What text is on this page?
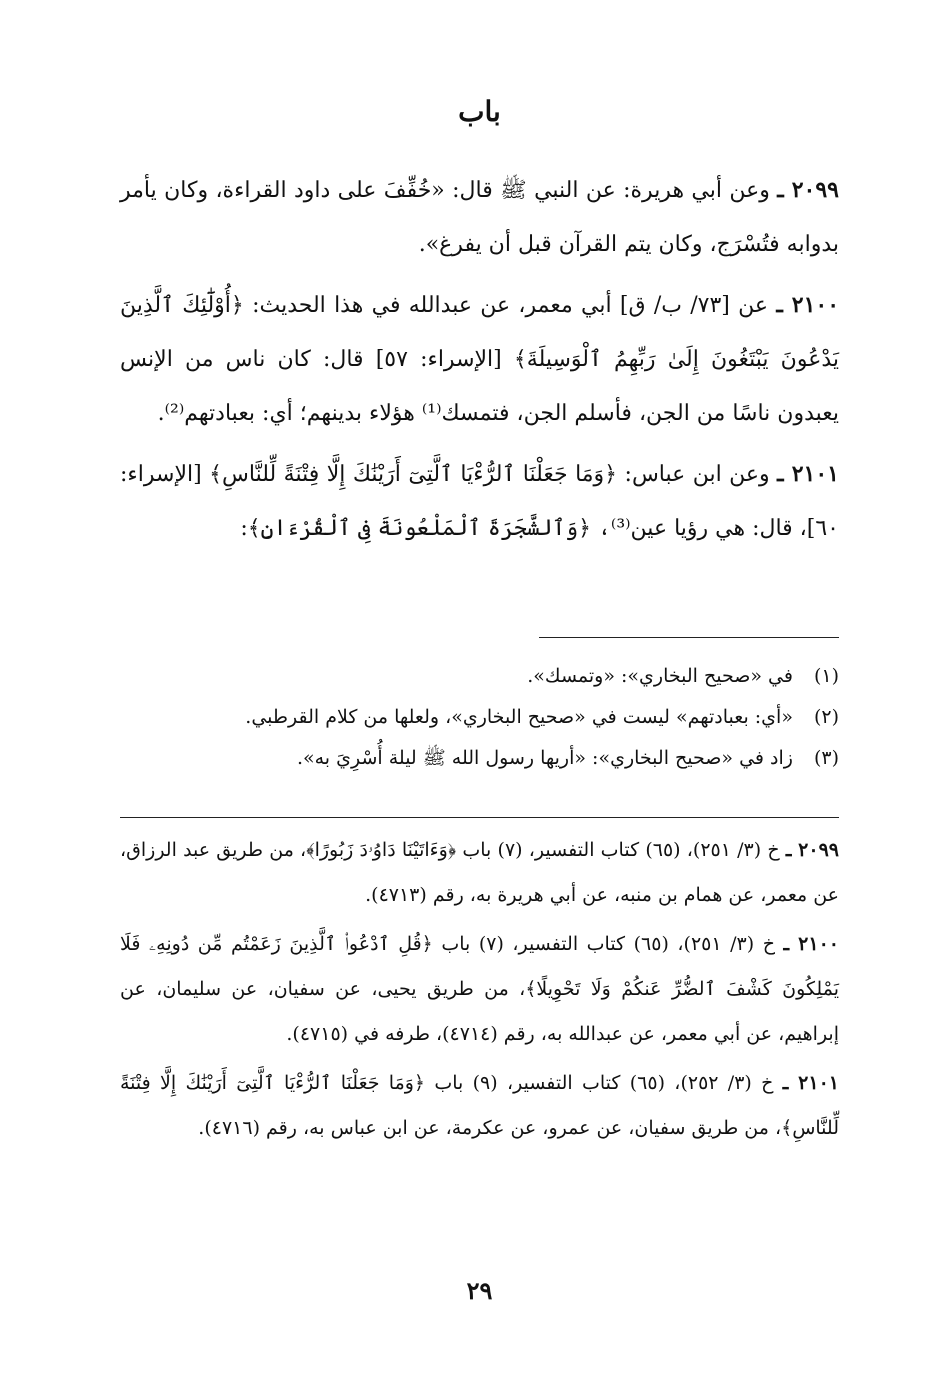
باب

٢٠٩٩ ـ وعن أبي هريرة: عن النبي ﷺ قال: «خُفِّفَ على داود القراءة، وكان يأمر بدوابه فتُسْرَج، وكان يتم القرآن قبل أن يفرغ».

٢١٠٠ ـ عن [٧٣/ ب/ ق] أبي معمر، عن عبدالله في هذا الحديث: ﴿أُوْلَٰٓئِكَ ٱلَّذِينَ يَدْعُونَ يَبْتَغُونَ إِلَىٰ رَبِّهِمُ ٱلْوَسِيلَةَ﴾ [الإسراء: ٥٧] قال: كان ناس من الإنس يعبدون ناسًا من الجن، فأسلم الجن، فتمسك⁽¹⁾ هؤلاء بدينهم؛ أي: بعبادتهم⁽²⁾.

٢١٠١ ـ وعن ابن عباس: ﴿وَمَا جَعَلْنَا ٱلرُّءْيَا ٱلَّتِىٓ أَرَيْنَٰكَ إِلَّا فِتْنَةً لِّلنَّاسِ﴾ [الإسراء: ٦٠]، قال: هي رؤيا عين⁽³⁾، ﴿وَٱلشَّجَرَةَ ٱلْمَلْعُونَةَ فِى ٱلْقُرْءَانِ﴾:

(١) في «صحيح البخاري»: «وتمسك».

(٢) «أي: بعبادتهم» ليست في «صحيح البخاري»، ولعلها من كلام القرطبي.

(٣) زاد في «صحيح البخاري»: «أريها رسول الله ﷺ ليلة أُسْرِيَ به».

٢٠٩٩ ـ خ (٣/ ٢٥١)، (٦٥) كتاب التفسير، (٧) باب ﴿وَءَاتَيْنَا دَاوُۥدَ زَبُورًا﴾، من طريق عبد الرزاق، عن معمر، عن همام بن منبه، عن أبي هريرة به، رقم (٤٧١٣).

٢١٠٠ ـ خ (٣/ ٢٥١)، (٦٥) كتاب التفسير، (٧) باب ﴿قُلِ ٱدْعُوا۟ ٱلَّذِينَ زَعَمْتُم مِّن دُونِهِۦ فَلَا يَمْلِكُونَ كَشْفَ ٱلضُّرِّ عَنكُمْ وَلَا تَحْوِيلًا﴾، من طريق يحيى، عن سفيان، عن سليمان، عن إبراهيم، عن أبي معمر، عن عبدالله به، رقم (٤٧١٤)، طرفه في (٤٧١٥).

٢١٠١ ـ خ (٣/ ٢٥٢)، (٦٥) كتاب التفسير، (٩) باب ﴿وَمَا جَعَلْنَا ٱلرُّءْيَا ٱلَّتِىٓ أَرَيْنَٰكَ إِلَّا فِتْنَةً لِّلنَّاسِ﴾، من طريق سفيان، عن عمرو، عن عكرمة، عن ابن عباس به، رقم (٤٧١٦).

٢٩
